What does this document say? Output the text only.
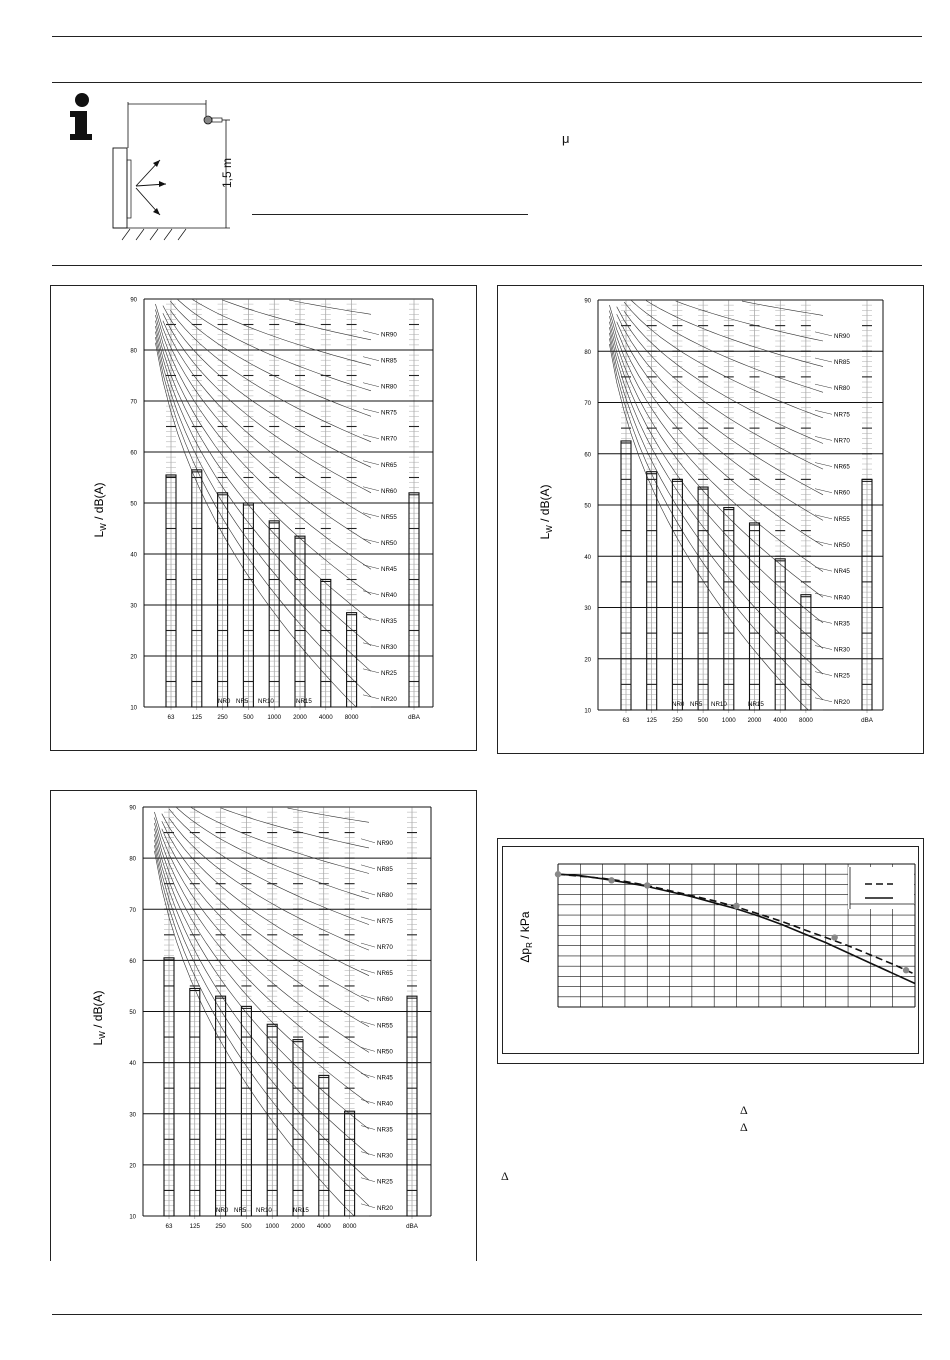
1,5 m
μ
90
80
70
60
50
40
30
20
10
NR90
NR85
NR80
NR75
NR70
NR65
NR60
NR55
NR50
NR45
NR40
NR35
NR30
NR25
NR20
NR0 NR5 NR10	NR15
63	125 250 500 1000 2000 4000 8000	dBA
$L_W / dB(A)$
90
80
70
60
50
40
30
20
10
NR90
NR85
NR80
NR75
NR70
NR65
NR60
NR55
NR50
NR45
NR40
NR35
NR30
NR25
NR20
NR0 NR5 NR10	NR15
63	125 250 500 1000 2000 4000 8000	dBA
$L_W / dB(A)$
90
80
70
60
50
40
30
20
10
NR90
NR85
NR80
NR75
NR70
NR65
NR60
NR55
NR50
NR45
NR40
NR35
NR30
NR25
NR20
NR0 NR5 NR10	NR15
63	125 250 500 1000 2000 4000 8000	dBA
$L_W / dB(A)$
$\Delta p_R$ / kPa
Δ
Δ
Δ
